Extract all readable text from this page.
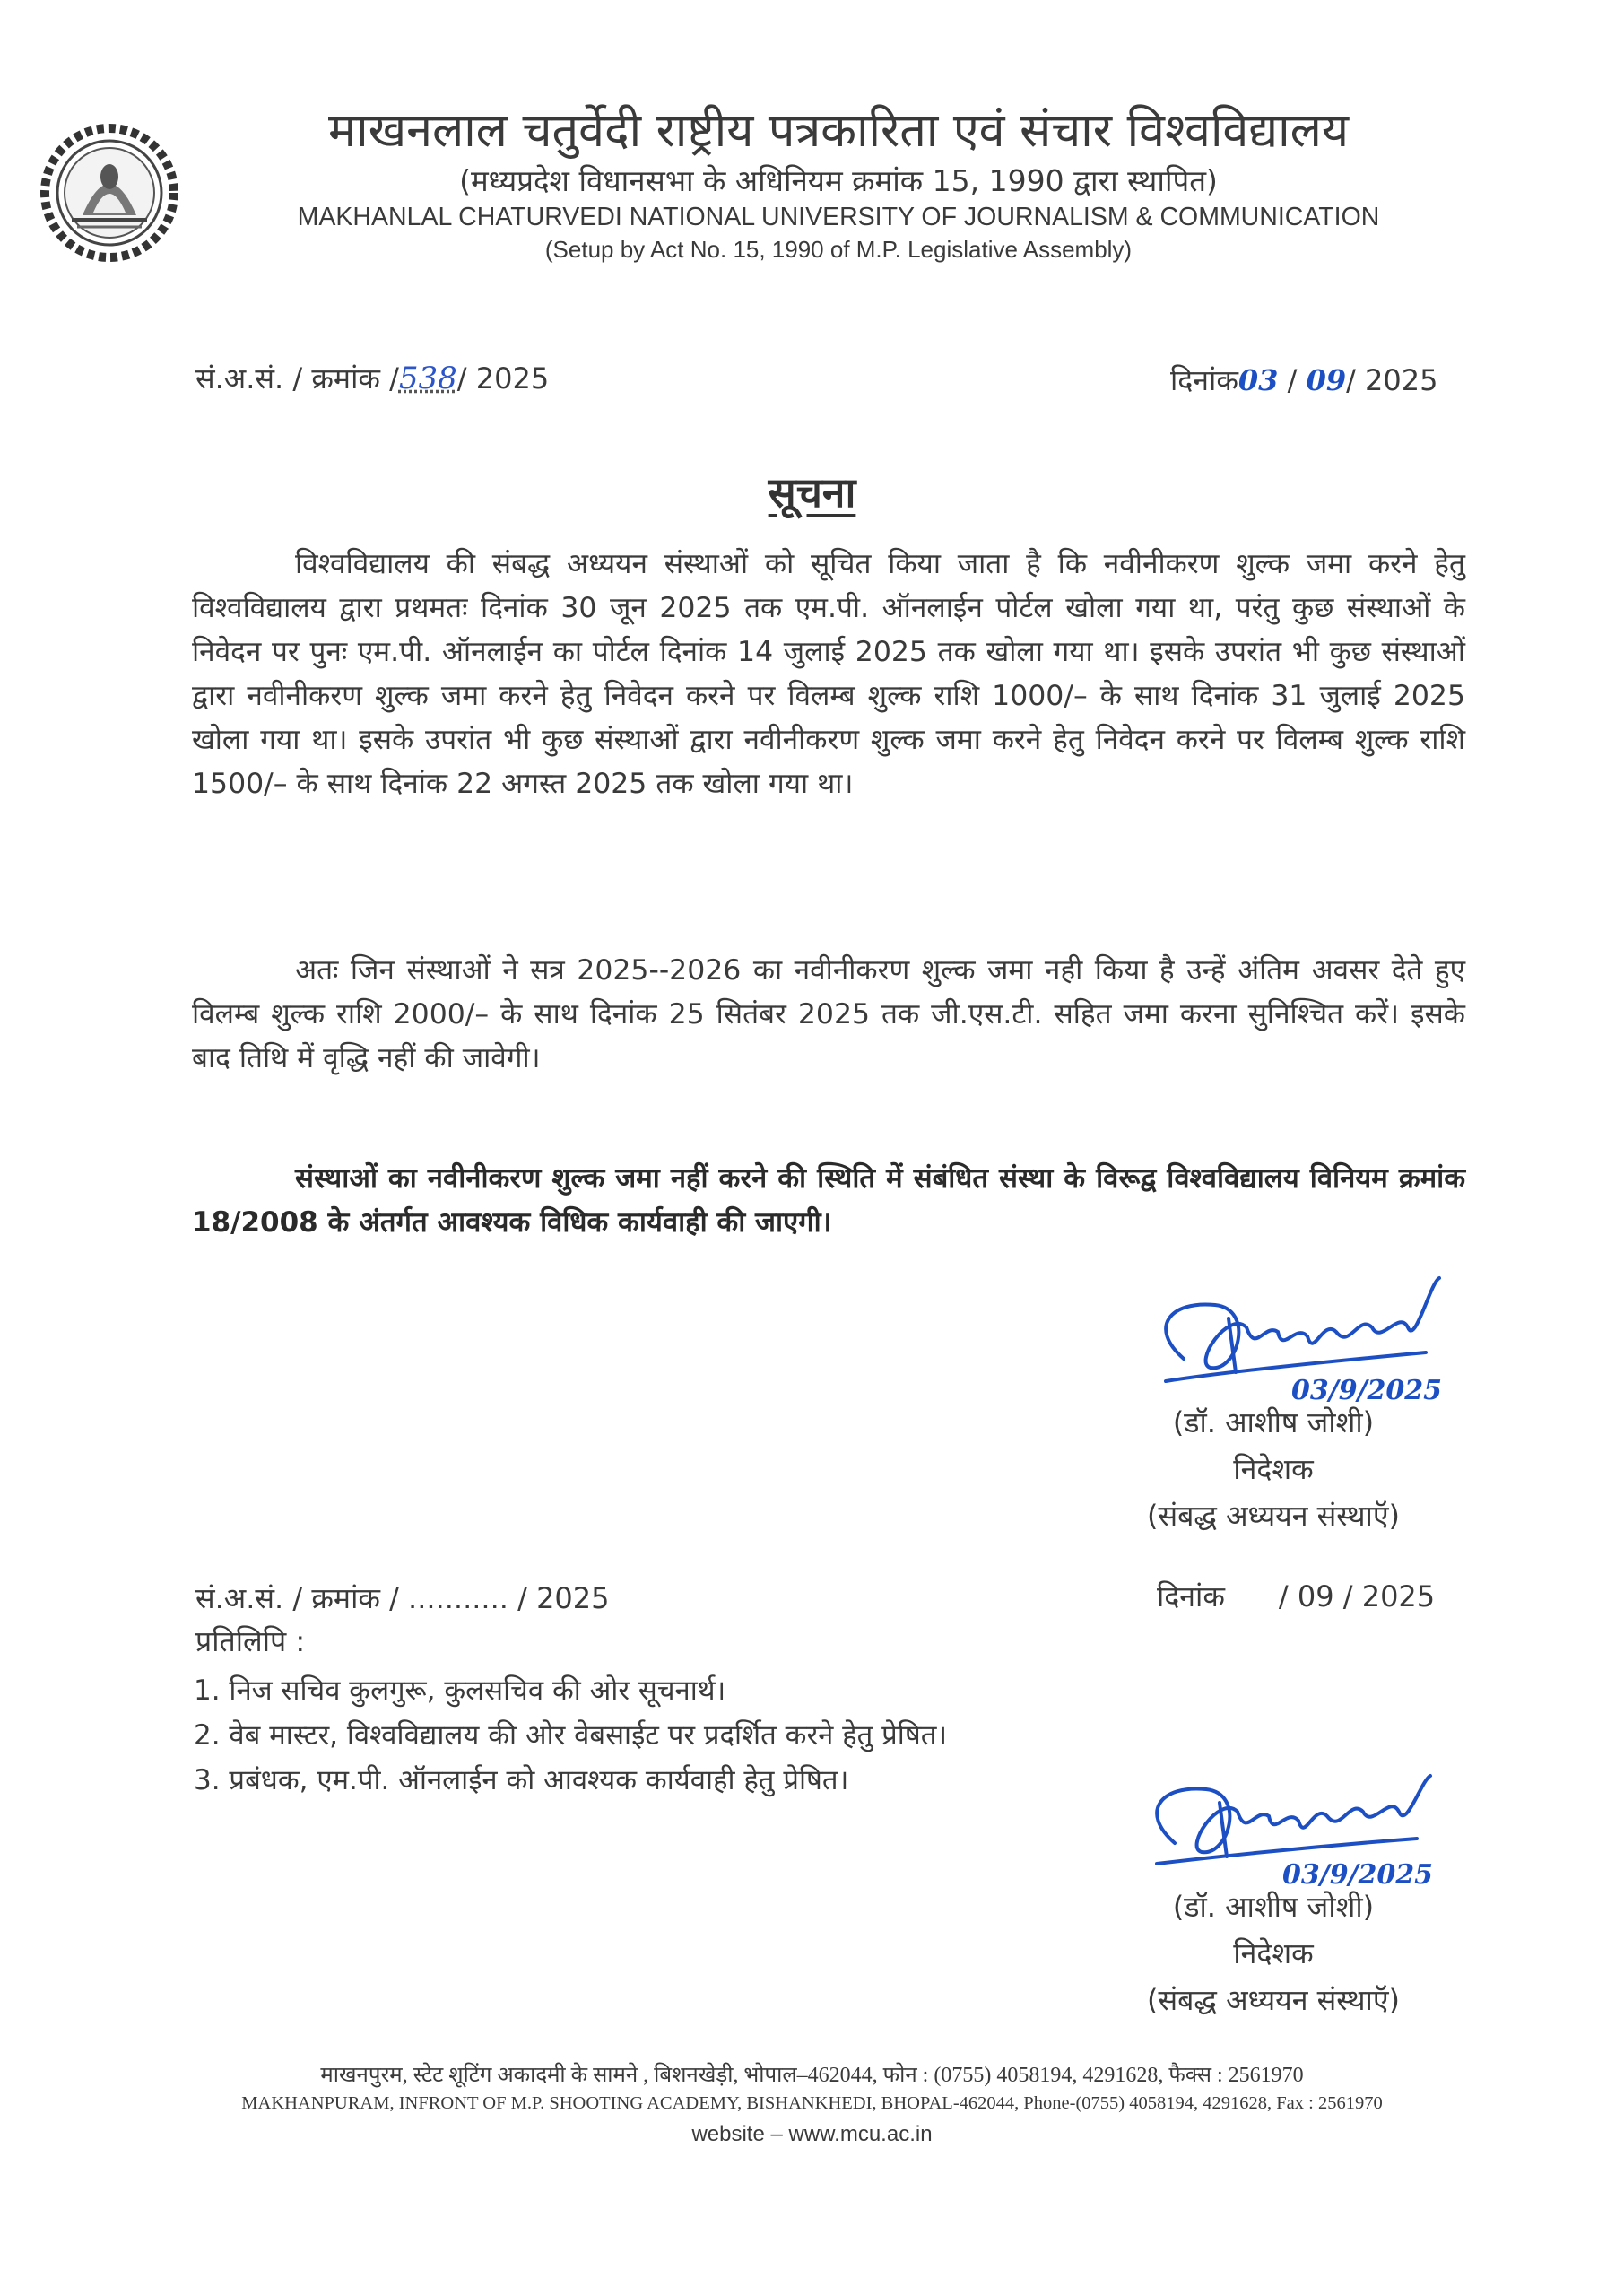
माखनलाल चतुर्वेदी राष्ट्रीय पत्रकारिता एवं संचार विश्वविद्यालय
(मध्यप्रदेश विधानसभा के अधिनियम क्रमांक 15, 1990 द्वारा स्थापित)
MAKHANLAL CHATURVEDI NATIONAL UNIVERSITY OF JOURNALISM & COMMUNICATION
(Setup by Act No. 15, 1990 of M.P. Legislative Assembly)
सं.अ.सं. / क्रमांक /538/ 2025	दिनांक03 / 09/ 2025
सूचना
विश्वविद्यालय की संबद्ध अध्ययन संस्थाओं को सूचित किया जाता है कि नवीनीकरण शुल्क जमा करने हेतु विश्वविद्यालय द्वारा प्रथमतः दिनांक 30 जून 2025 तक एम.पी. ऑनलाईन पोर्टल खोला गया था, परंतु कुछ संस्थाओं के निवेदन पर पुनः एम.पी. ऑनलाईन का पोर्टल दिनांक 14 जुलाई 2025 तक खोला गया था। इसके उपरांत भी कुछ संस्थाओं द्वारा नवीनीकरण शुल्क जमा करने हेतु निवेदन करने पर विलम्ब शुल्क राशि 1000/– के साथ दिनांक 31 जुलाई 2025 खोला गया था। इसके उपरांत भी कुछ संस्थाओं द्वारा नवीनीकरण शुल्क जमा करने हेतु निवेदन करने पर विलम्ब शुल्क राशि 1500/– के साथ दिनांक 22 अगस्त 2025 तक खोला गया था।
अतः जिन संस्थाओं ने सत्र 2025--2026 का नवीनीकरण शुल्क जमा नही किया है उन्हें अंतिम अवसर देते हुए विलम्ब शुल्क राशि 2000/– के साथ दिनांक 25 सितंबर 2025 तक जी.एस.टी. सहित जमा करना सुनिश्चित करें। इसके बाद तिथि में वृद्धि नहीं की जावेगी।
संस्थाओं का नवीनीकरण शुल्क जमा नहीं करने की स्थिति में संबंधित संस्था के विरूद्व विश्वविद्यालय विनियम क्रमांक 18/2008 के अंतर्गत आवश्यक विधिक कार्यवाही की जाएगी।
03/9/2025
(डॉ. आशीष जोशी)
निदेशक
(संबद्ध अध्ययन संस्थाऍ)
सं.अ.सं. / क्रमांक / ........... / 2025	दिनांक / 09 / 2025
प्रतिलिपि :
1. निज सचिव कुलगुरू, कुलसचिव की ओर सूचनार्थ।
2. वेब मास्टर, विश्वविद्यालय की ओर वेबसाईट पर प्रदर्शित करने हेतु प्रेषित।
3. प्रबंधक, एम.पी. ऑनलाईन को आवश्यक कार्यवाही हेतु प्रेषित।
03/9/2025
(डॉ. आशीष जोशी)
निदेशक
(संबद्ध अध्ययन संस्थाऍ)
माखनपुरम, स्टेट शूटिंग अकादमी के सामने , बिशनखेड़ी, भोपाल–462044, फोन : (0755) 4058194, 4291628, फैक्स : 2561970
MAKHANPURAM, INFRONT OF M.P. SHOOTING ACADEMY, BISHANKHEDI, BHOPAL-462044, Phone-(0755) 4058194, 4291628, Fax : 2561970
website – www.mcu.ac.in
